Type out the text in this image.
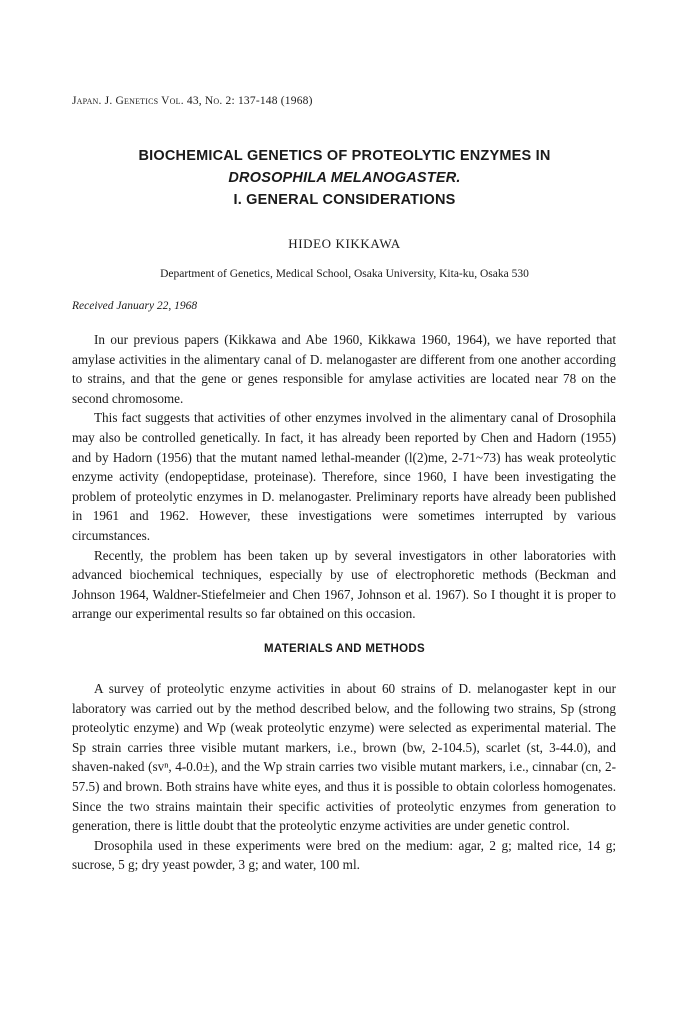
Japan. J. Genetics Vol. 43, No. 2: 137-148 (1968)
BIOCHEMICAL GENETICS OF PROTEOLYTIC ENZYMES IN
DROSOPHILA MELANOGASTER.
I. GENERAL CONSIDERATIONS
HIDEO KIKKAWA
Department of Genetics, Medical School, Osaka University, Kita-ku, Osaka 530
Received January 22, 1968

In our previous papers (Kikkawa and Abe 1960, Kikkawa 1960, 1964), we have reported that amylase activities in the alimentary canal of D. melanogaster are different from one another according to strains, and that the gene or genes responsible for amylase activities are located near 78 on the second chromosome.

This fact suggests that activities of other enzymes involved in the alimentary canal of Drosophila may also be controlled genetically. In fact, it has already been reported by Chen and Hadorn (1955) and by Hadorn (1956) that the mutant named lethal-meander (l(2)me, 2-71~73) has weak proteolytic enzyme activity (endopeptidase, proteinase). Therefore, since 1960, I have been investigating the problem of proteolytic enzymes in D. melanogaster. Preliminary reports have already been published in 1961 and 1962. However, these investigations were sometimes interrupted by various circumstances.

Recently, the problem has been taken up by several investigators in other laboratories with advanced biochemical techniques, especially by use of electrophoretic methods (Beckman and Johnson 1964, Waldner-Stiefelmeier and Chen 1967, Johnson et al. 1967). So I thought it is proper to arrange our experimental results so far obtained on this occasion.

MATERIALS AND METHODS

A survey of proteolytic enzyme activities in about 60 strains of D. melanogaster kept in our laboratory was carried out by the method described below, and the following two strains, Sp (strong proteolytic enzyme) and Wp (weak proteolytic enzyme) were selected as experimental material. The Sp strain carries three visible mutant markers, i.e., brown (bw, 2-104.5), scarlet (st, 3-44.0), and shaven-naked (svⁿ, 4-0.0±), and the Wp strain carries two visible mutant markers, i.e., cinnabar (cn, 2-57.5) and brown. Both strains have white eyes, and thus it is possible to obtain colorless homogenates. Since the two strains maintain their specific activities of proteolytic enzymes from generation to generation, there is little doubt that the proteolytic enzyme activities are under genetic control.

Drosophila used in these experiments were bred on the medium: agar, 2 g; malted rice, 14 g; sucrose, 5 g; dry yeast powder, 3 g; and water, 100 ml.
